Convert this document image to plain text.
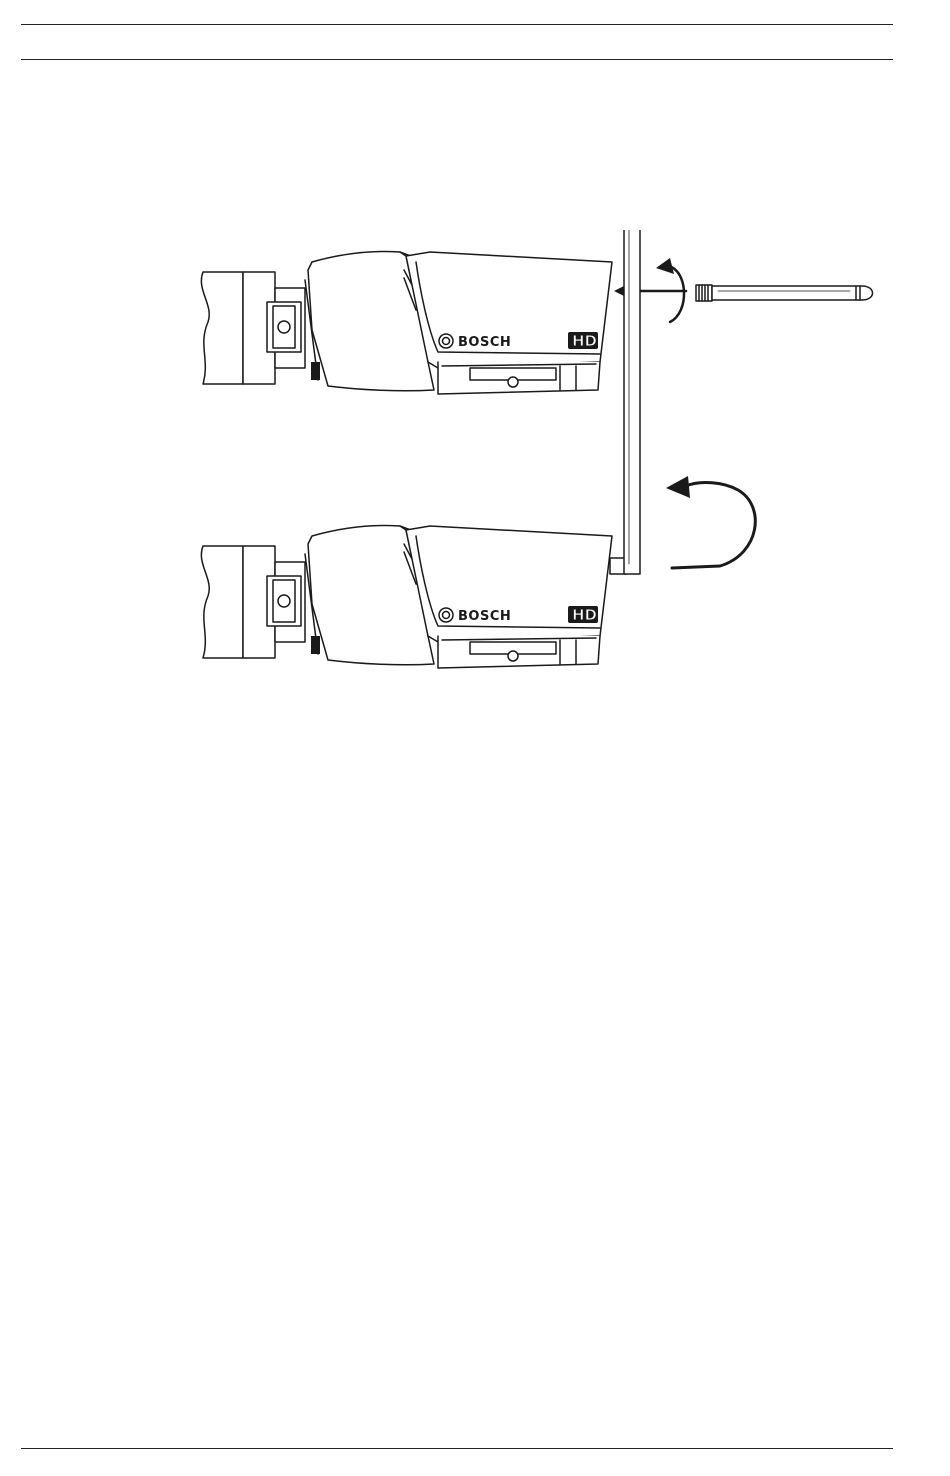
BOSCH	HD
BOSCH	HD
